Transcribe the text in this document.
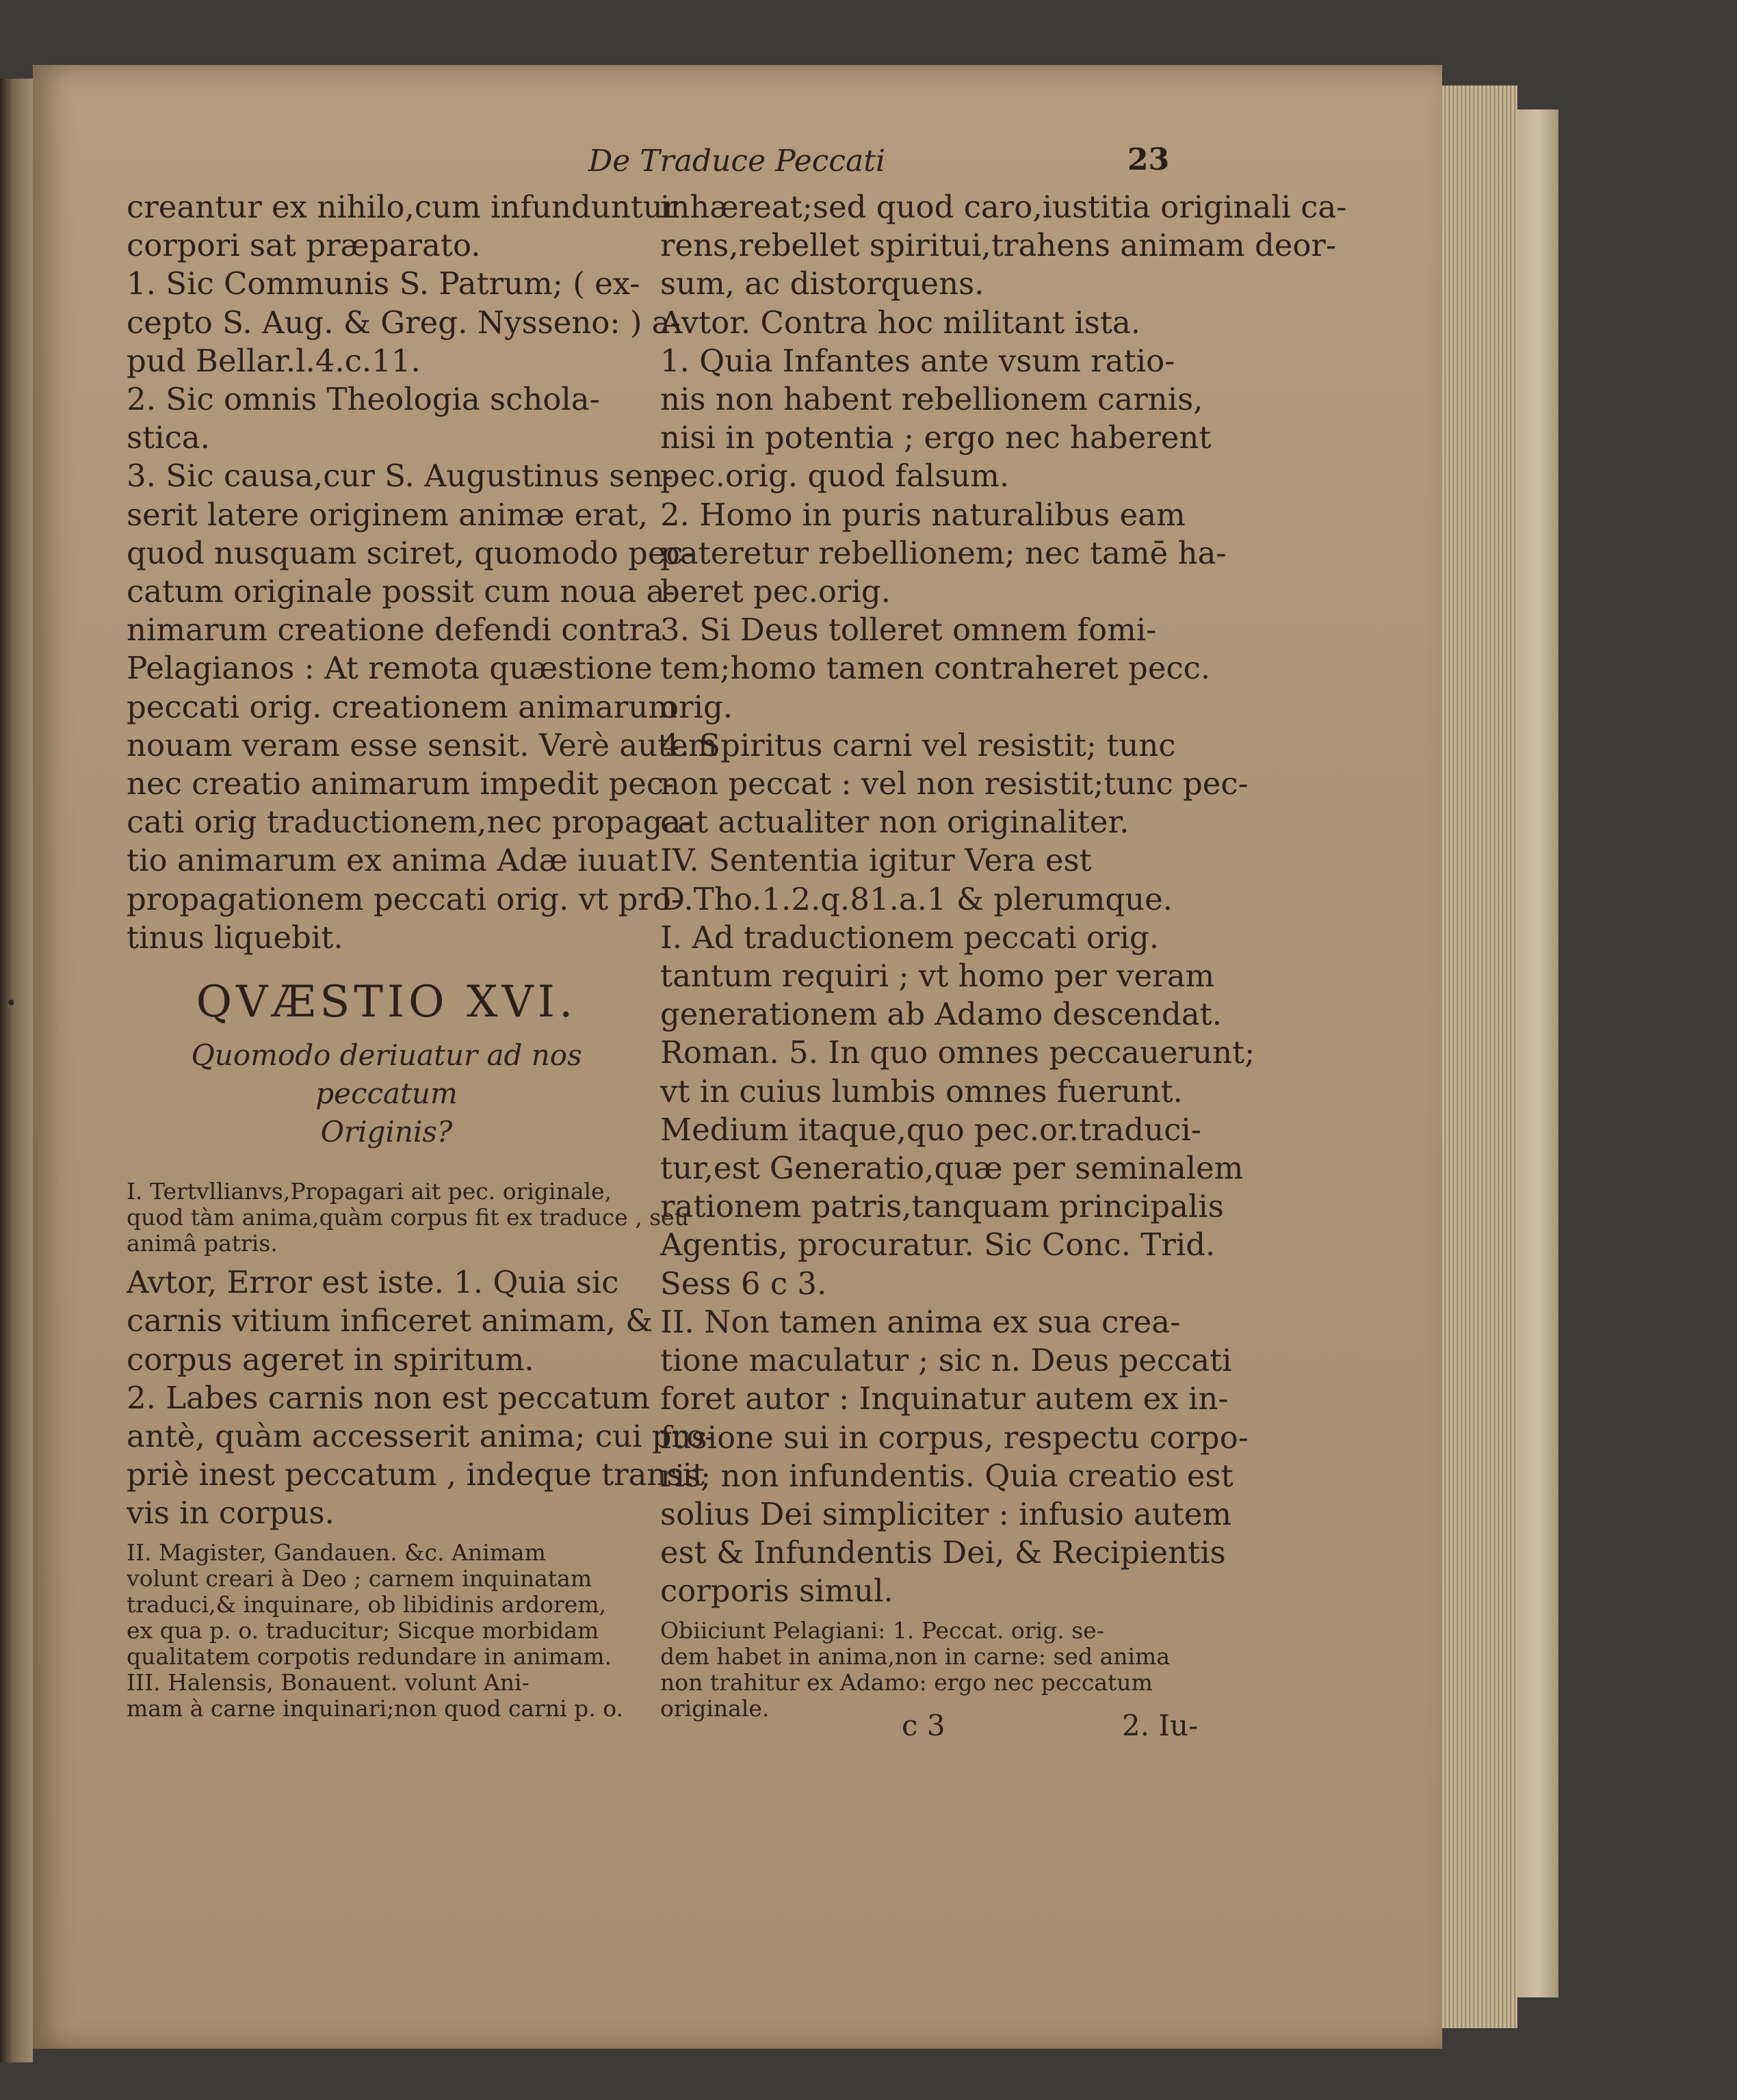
•
De Traduce Peccati	23
creantur ex nihilo,cum infunduntur
corpori sat præparato.
1. Sic Communis S. Patrum; ( ex-
cepto S. Aug. & Greg. Nysseno: ) a-
pud Bellar.l.4.c.11.
2. Sic omnis Theologia schola-
stica.
3. Sic causa,cur S. Augustinus sen-
serit latere originem animæ erat,
quod nusquam sciret, quomodo pec-
catum originale possit cum noua a-
nimarum creatione defendi contra
Pelagianos : At remota quæstione
peccati orig. creationem animarum
nouam veram esse sensit. Verè autem
nec creatio animarum impedit pec-
cati orig traductionem,nec propaga-
tio animarum ex anima Adæ iuuat
propagationem peccati orig. vt pro-
tinus liquebit.
QVÆSTIO XVI.
Quomodo deriuatur ad nos peccatum
Originis?
I. Tertvllianvs,Propagari ait pec. originale,
quod tàm anima,quàm corpus fit ex traduce , seu
animâ patris.
Avtor, Error est iste. 1. Quia sic
carnis vitium inficeret animam, &
corpus ageret in spiritum.
2. Labes carnis non est peccatum
antè, quàm accesserit anima; cui pro-
priè inest peccatum , indeque transit
vis in corpus.
II. Magister, Gandauen. &c. Animam
volunt creari à Deo ; carnem inquinatam
traduci,& inquinare, ob libidinis ardorem,
ex qua p. o. traducitur; Sicque morbidam
qualitatem corpotis redundare in animam.
III. Halensis, Bonauent. volunt Ani-
mam à carne inquinari;non quod carni p. o.
inhæreat;sed quod caro,iustitia originali ca-
rens,rebellet spiritui,trahens animam deor-
sum, ac distorquens.
Avtor. Contra hoc militant ista.
1. Quia Infantes ante vsum ratio-
nis non habent rebellionem carnis,
nisi in potentia ; ergo nec haberent
pec.orig. quod falsum.
2. Homo in puris naturalibus eam
pateretur rebellionem; nec tamē ha-
beret pec.orig.
3. Si Deus tolleret omnem fomi-
tem;homo tamen contraheret pecc.
orig.
4. Spiritus carni vel resistit; tunc
non peccat : vel non resistit;tunc pec-
cat actualiter non originaliter.
IV. Sententia igitur Vera est
D.Tho.1.2.q.81.a.1 & plerumque.
I. Ad traductionem peccati orig.
tantum requiri ; vt homo per veram
generationem ab Adamo descendat.
Roman. 5. In quo omnes peccauerunt;
vt in cuius lumbis omnes fuerunt.
Medium itaque,quo pec.or.traduci-
tur,est Generatio,quæ per seminalem
rationem patris,tanquam principalis
Agentis, procuratur. Sic Conc. Trid.
Sess 6 c 3.
II. Non tamen anima ex sua crea-
tione maculatur ; sic n. Deus peccati
foret autor : Inquinatur autem ex in-
fusione sui in corpus, respectu corpo-
ris; non infundentis. Quia creatio est
solius Dei simpliciter : infusio autem
est & Infundentis Dei, & Recipientis
corporis simul.
Obiiciunt Pelagiani: 1. Peccat. orig. se-
dem habet in anima,non in carne: sed anima
non trahitur ex Adamo: ergo nec peccatum
originale.
c 3	2. Iu-
